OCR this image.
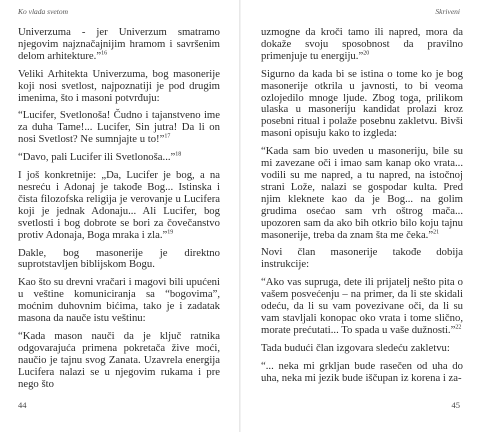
Ko vlada svetom

Univerzuma - jer Univerzum smatramo njegovim najznačajnijim hramom i savršenim delom arhitekture.”$^{16}$

Veliki Arhitekta Univerzuma, bog masonerije koji nosi svetlost, najpoznatiji je pod drugim imenima, što i masoni potvrđuju:

“Lucifer, Svetlonoša! Čudno i tajanstveno ime za duha Tame!... Lucifer, Sin jutra! Da li on nosi Svetlost? Ne sumnjajte u to!”$^{17}$

“Davo, pali Lucifer ili Svetlonoša...”$^{18}$

I još konkretnije: „Da, Lucifer je bog, a na nesreću i Adonaj je takođe Bog... Istinska i čista filozofska religija je verovanje u Lucifera koji je jednak Adonaju... Ali Lucifer, bog svetlosti i bog dobrote se bori za čovečanstvo protiv Adonaja, Boga mraka i zla.”$^{19}$

Dakle, bog masonerije je direktno suprotstavljen biblijskom Bogu.

Kao što su drevni vračari i magovi bili upućeni u veštine komuniciranja sa “bogovima”, moćnim duhovnim bićima, tako je i zadatak masona da nauče istu veštinu:

“Kada mason nauči da je ključ ratnika odgovarajuća primena pokretača žive moći, naučio je tajnu svog Zanata. Uzavrela energija Lucifera nalazi se u njegovim rukama i pre nego što

44
Skriveni

uzmogne da kroči tamo ili napred, mora da dokaže svoju sposobnost da pravilno primenjuje tu energiju.”$^{20}$

Sigurno da kada bi se istina o tome ko je bog masonerije otkrila u javnosti, to bi veoma ozlojedilo mnoge ljude. Zbog toga, prilikom ulaska u masoneriju kandidat prolazi kroz posebni ritual i polaže posebnu zakletvu. Bivši masoni opisuju kako to izgleda:

“Kada sam bio uveden u masoneriju, bile su mi zavezane oči i imao sam kanap oko vrata... vodili su me napred, a tu napred, na istočnoj strani Lože, nalazi se gospodar kulta. Pred njim kleknete kao da je Bog... na golim grudima osećao sam vrh oštrog mača... upozoren sam da ako bih otkrio bilo koju tajnu masonerije, treba da znam šta me čeka.”$^{21}$

Novi član masonerije takođe dobija instrukcije:

“Ako vas supruga, dete ili prijatelj nešto pita o vašem posvećenju – na primer, da li ste skidali odeću, da li su vam povezivane oči, da li su vam stavljali konopac oko vrata i tome slično, morate prećutati... To spada u vaše dužnosti.”$^{22}$

Tada budući član izgovara sledeću zakletvu:

“... neka mi grkljan bude rasečen od uha do uha, neka mi jezik bude iščupan iz korena i za-

45
